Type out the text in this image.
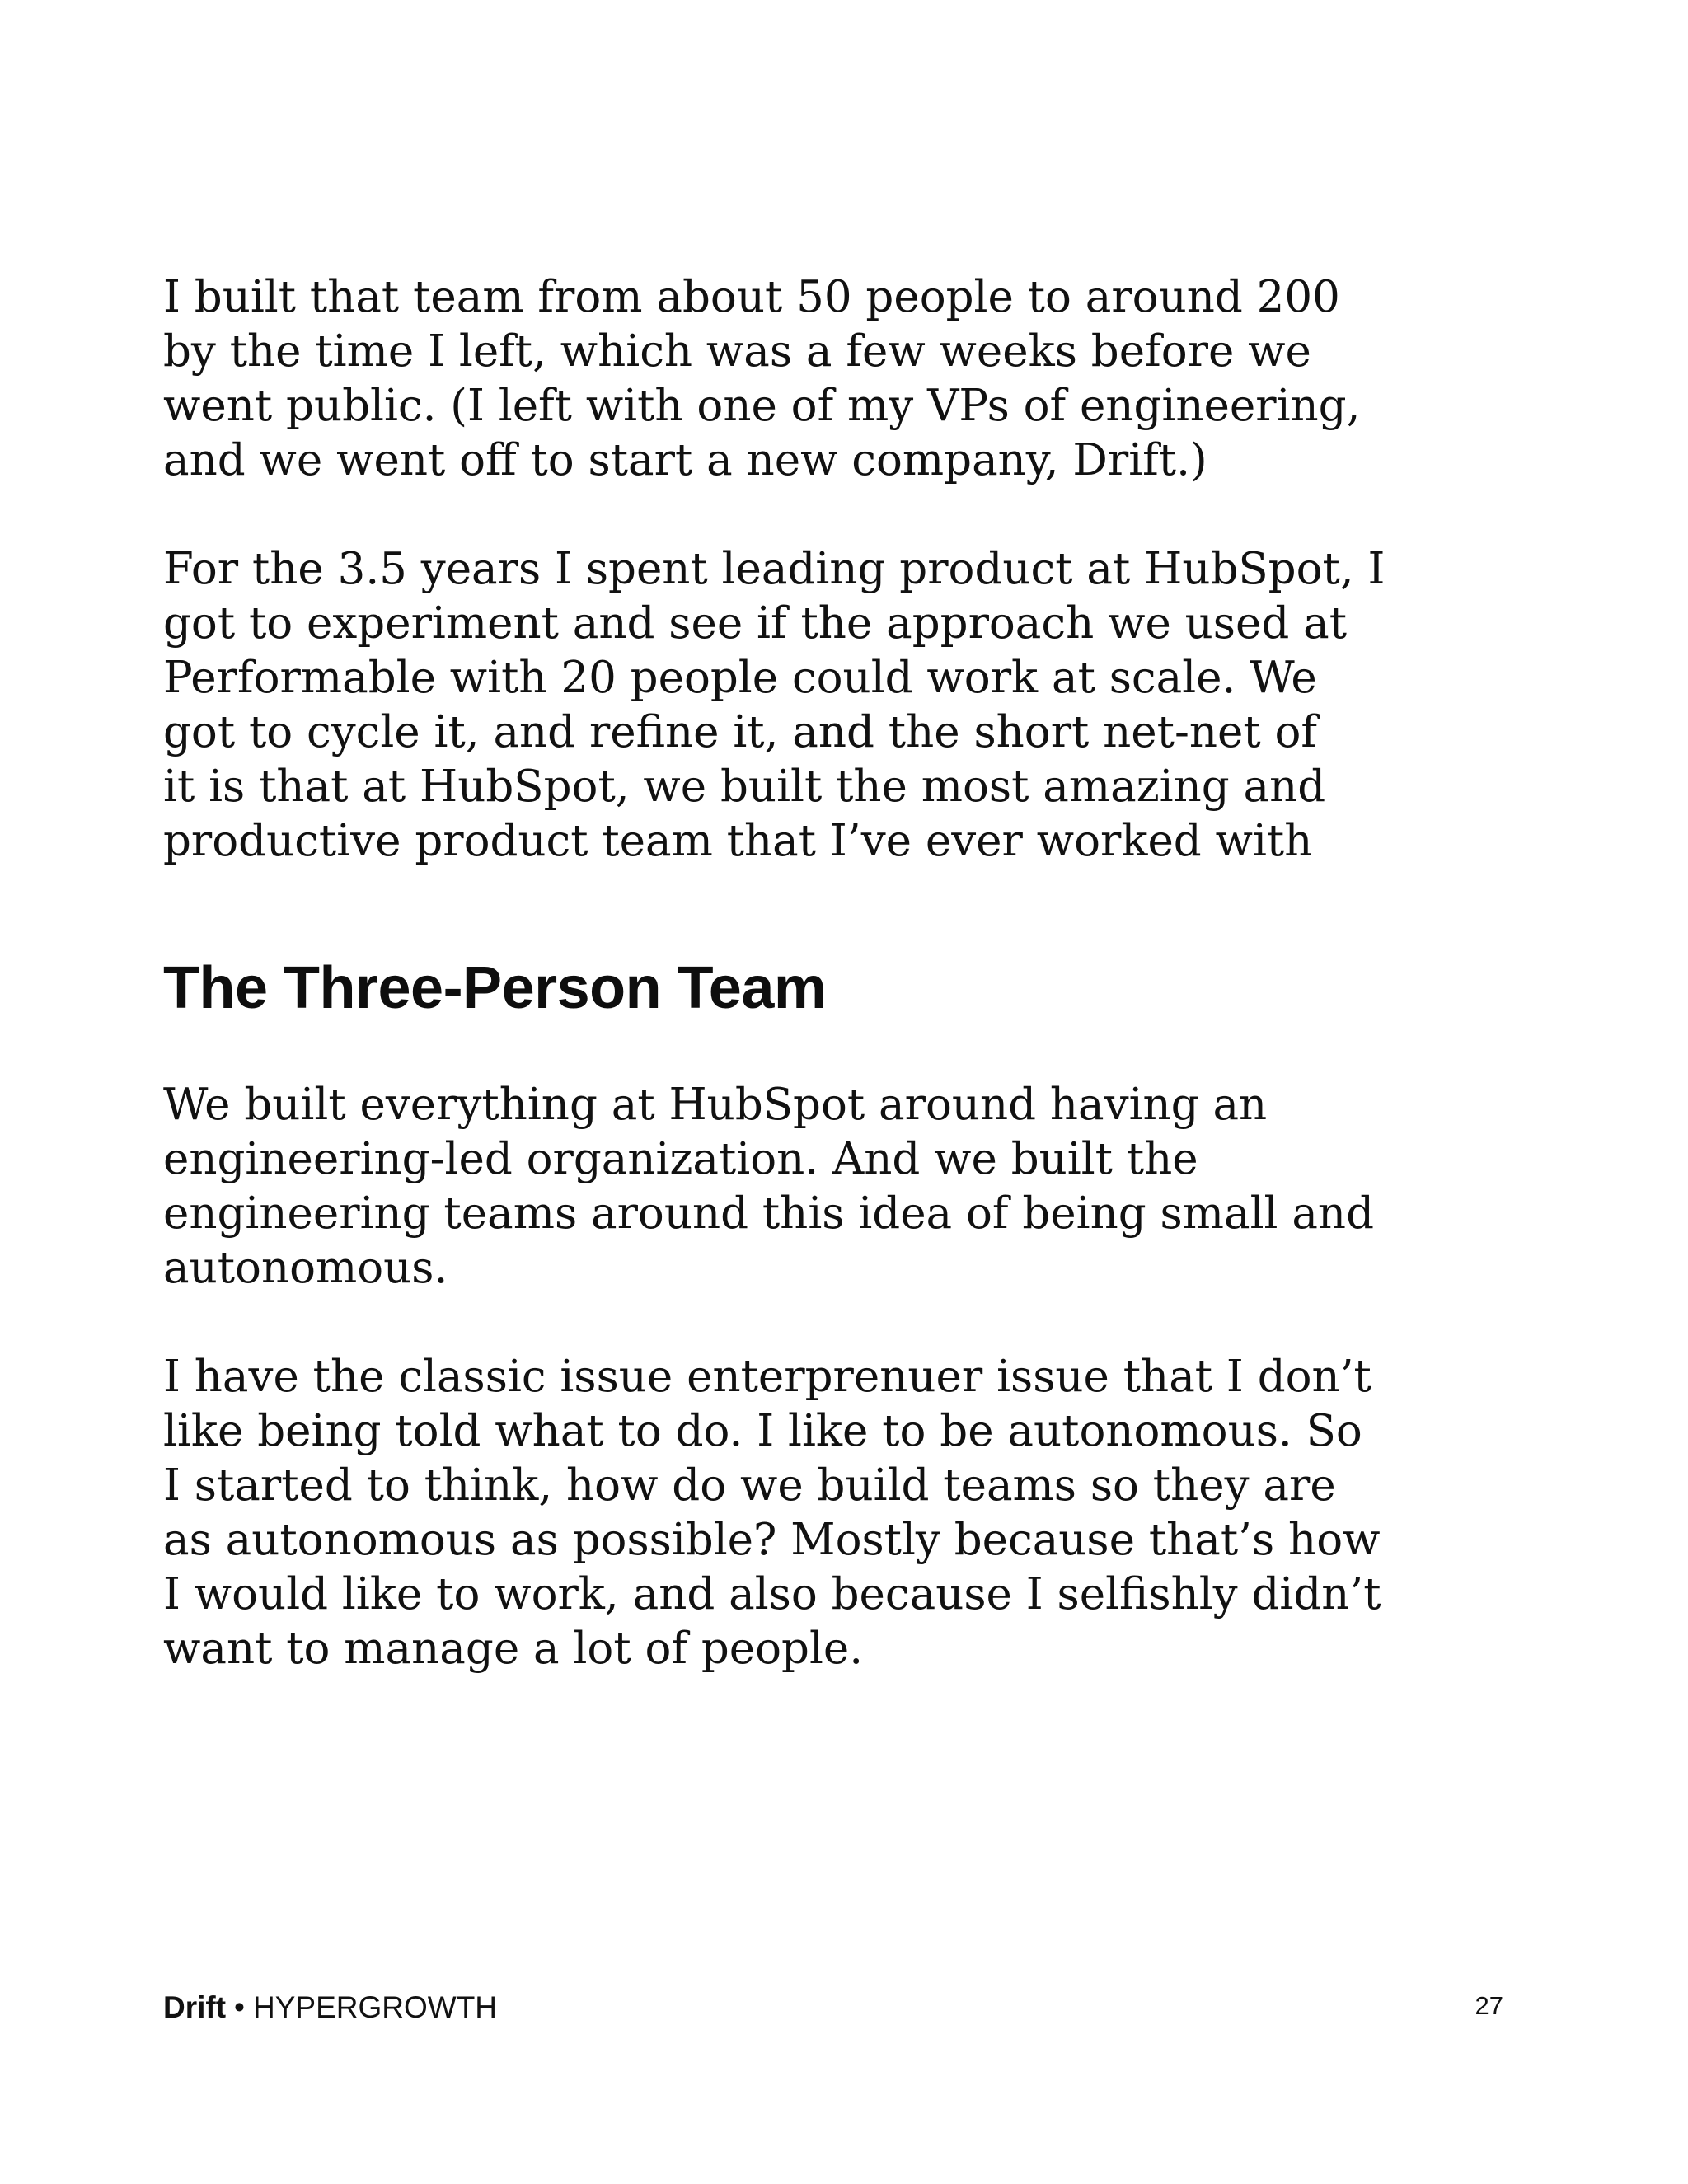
I built that team from about 50 people to around 200
by the time I left, which was a few weeks before we
went public. (I left with one of my VPs of engineering,
and we went off to start a new company, Drift.)

For the 3.5 years I spent leading product at HubSpot, I
got to experiment and see if the approach we used at
Performable with 20 people could work at scale. We
got to cycle it, and refine it, and the short net-net of
it is that at HubSpot, we built the most amazing and
productive product team that I’ve ever worked with

The Three-Person Team

We built everything at HubSpot around having an
engineering-led organization. And we built the
engineering teams around this idea of being small and
autonomous.

I have the classic issue enterprenuer issue that I don’t
like being told what to do. I like to be autonomous. So
I started to think, how do we build teams so they are
as autonomous as possible? Mostly because that’s how
I would like to work, and also because I selfishly didn’t
want to manage a lot of people.

Drift • HYPERGROWTH	27
